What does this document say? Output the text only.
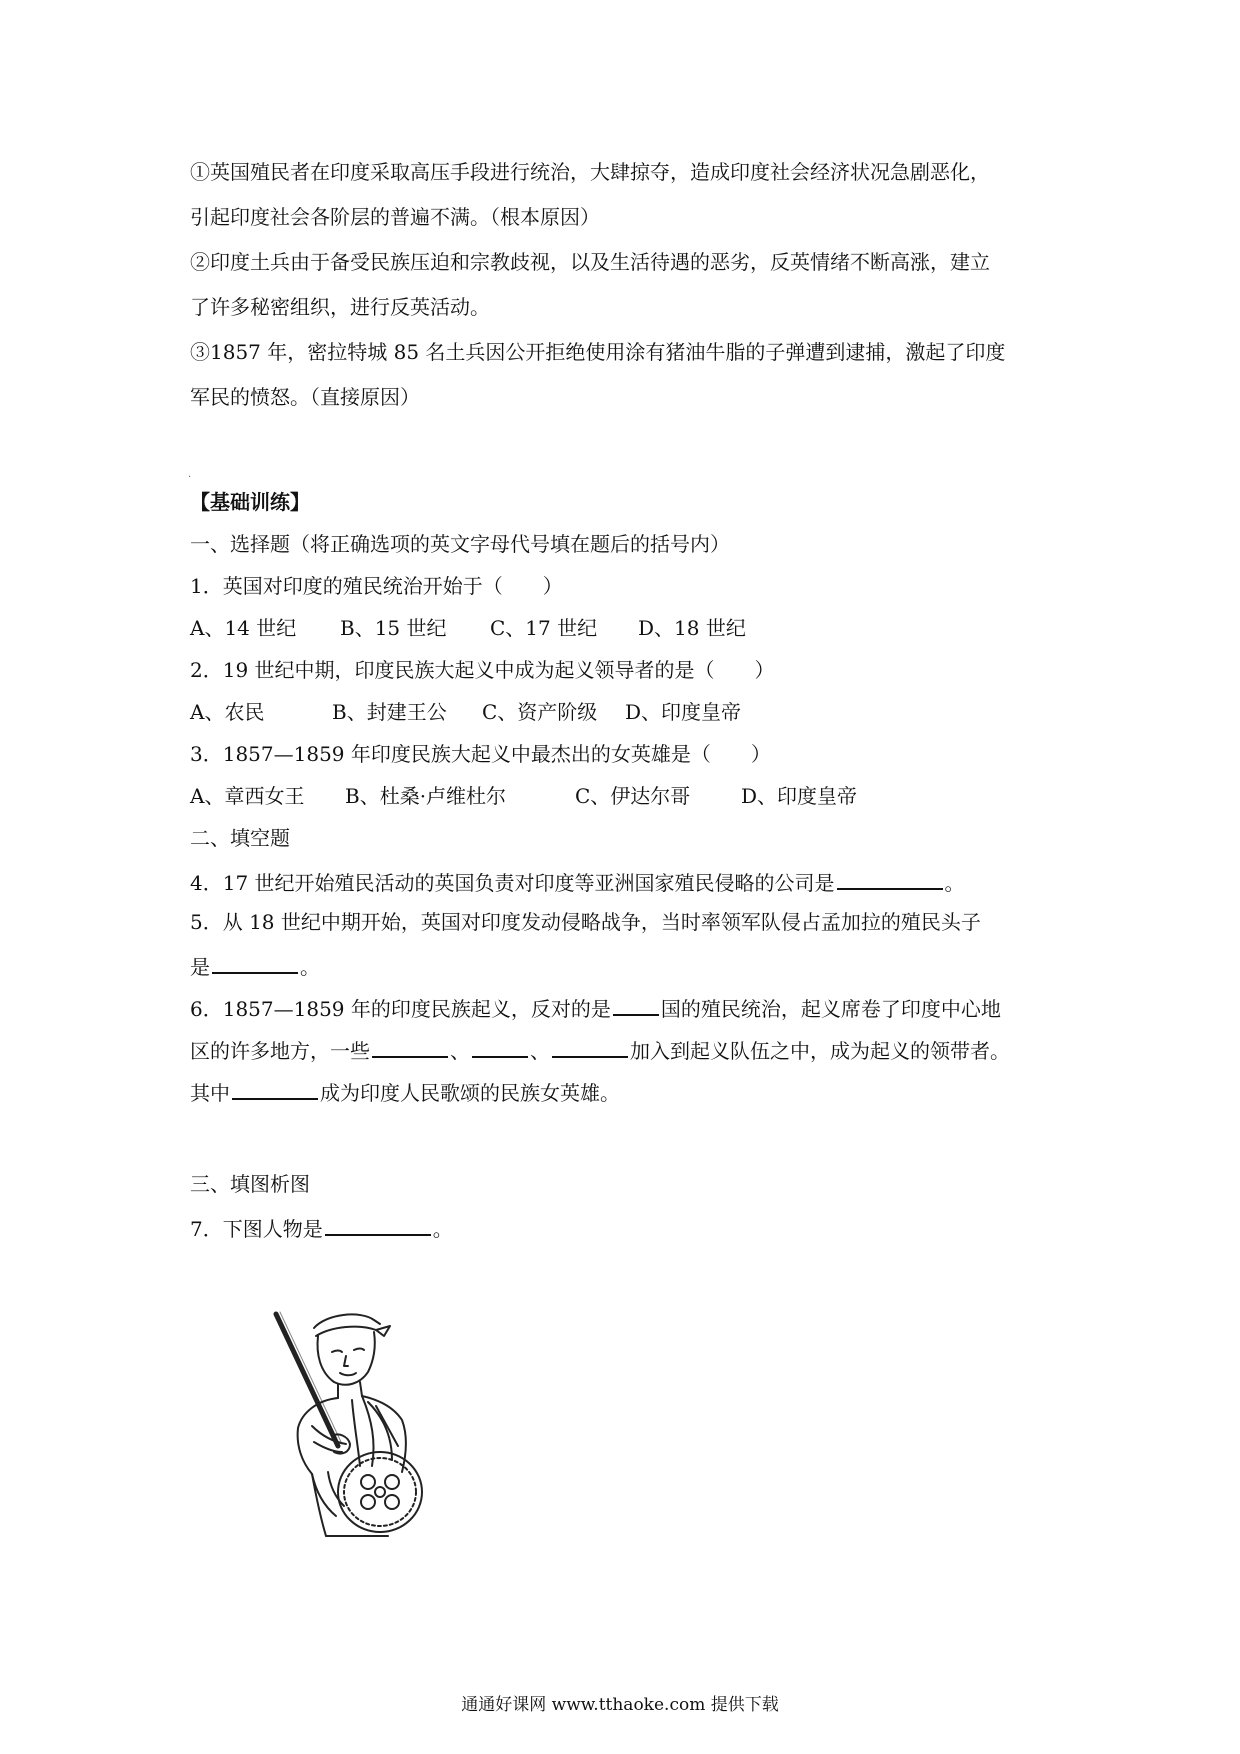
①英国殖民者在印度采取高压手段进行统治，大肆掠夺，造成印度社会经济状况急剧恶化，
引起印度社会各阶层的普遍不满。（根本原因）
②印度土兵由于备受民族压迫和宗教歧视，以及生活待遇的恶劣，反英情绪不断高涨，建立
了许多秘密组织，进行反英活动。
③1857 年，密拉特城 85 名土兵因公开拒绝使用涂有猪油牛脂的子弹遭到逮捕，激起了印度
军民的愤怒。（直接原因）
【基础训练】
一、选择题（将正确选项的英文字母代号填在题后的括号内）
1．英国对印度的殖民统治开始于（　　）
A、14 世纪 B、15 世纪 C、17 世纪 D、18 世纪
2．19 世纪中期，印度民族大起义中成为起义领导者的是（　　）
A、农民	B、封建王公 C、资产阶级 D、印度皇帝
3．1857—1859 年印度民族大起义中最杰出的女英雄是（　　）
A、章西女王 B、杜桑·卢维杜尔	C、伊达尔哥	D、印度皇帝
二、填空题
4．17 世纪开始殖民活动的英国负责对印度等亚洲国家殖民侵略的公司是	。
5．从 18 世纪中期开始，英国对印度发动侵略战争，当时率领军队侵占孟加拉的殖民头子
是	。
6．1857—1859 年的印度民族起义，反对的是	国的殖民统治，起义席卷了印度中心地
区的许多地方，一些	、	、	加入到起义队伍之中，成为起义的领带者。
其中	成为印度人民歌颂的民族女英雄。
三、填图析图
7．下图人物是	。
·
通通好课网 www.tthaoke.com 提供下载
